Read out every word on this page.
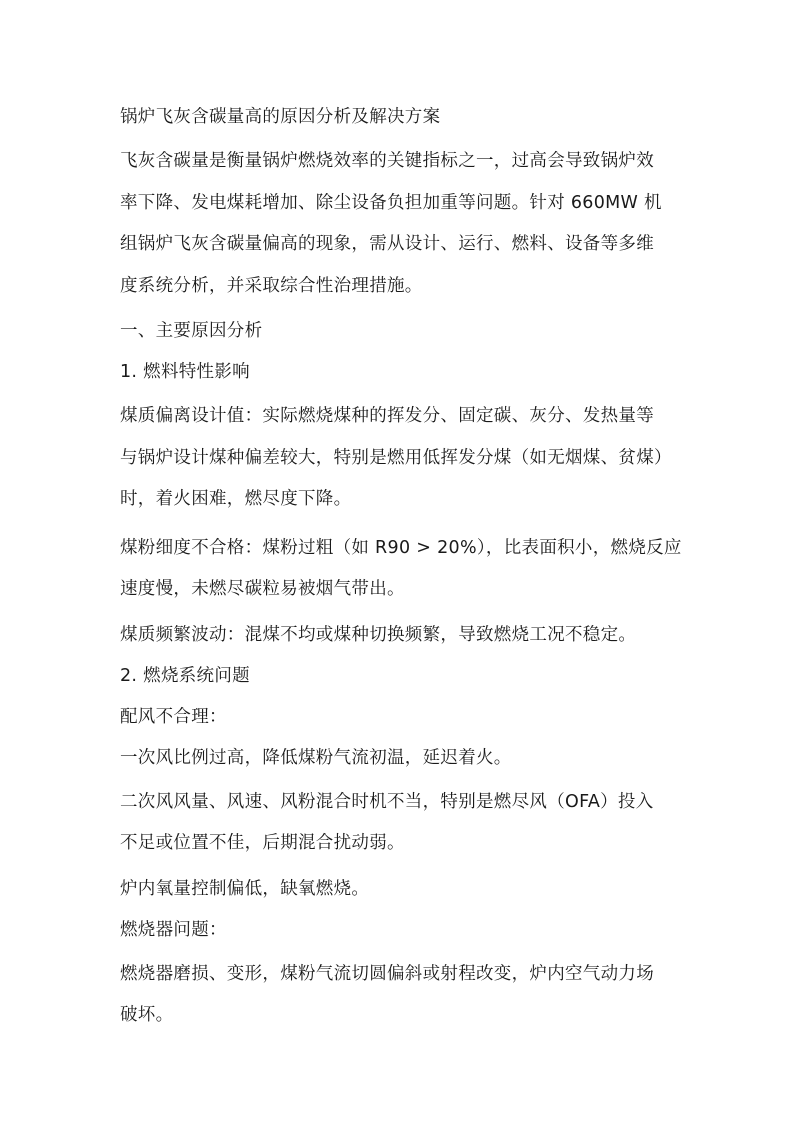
锅炉飞灰含碳量高的原因分析及解决方案

飞灰含碳量是衡量锅炉燃烧效率的关键指标之一，过高会导致锅炉效

率下降、发电煤耗增加、除尘设备负担加重等问题。针对 660MW 机

组锅炉飞灰含碳量偏高的现象，需从设计、运行、燃料、设备等多维

度系统分析，并采取综合性治理措施。

一、主要原因分析

1. 燃料特性影响

煤质偏离设计值：实际燃烧煤种的挥发分、固定碳、灰分、发热量等

与锅炉设计煤种偏差较大，特别是燃用低挥发分煤（如无烟煤、贫煤）

时，着火困难，燃尽度下降。

煤粉细度不合格：煤粉过粗（如 R90 > 20%），比表面积小，燃烧反应

速度慢，未燃尽碳粒易被烟气带出。

煤质频繁波动：混煤不均或煤种切换频繁，导致燃烧工况不稳定。

2. 燃烧系统问题

配风不合理：

一次风比例过高，降低煤粉气流初温，延迟着火。

二次风风量、风速、风粉混合时机不当，特别是燃尽风（OFA）投入

不足或位置不佳，后期混合扰动弱。

炉内氧量控制偏低，缺氧燃烧。

燃烧器问题：

燃烧器磨损、变形，煤粉气流切圆偏斜或射程改变，炉内空气动力场

破坏。
